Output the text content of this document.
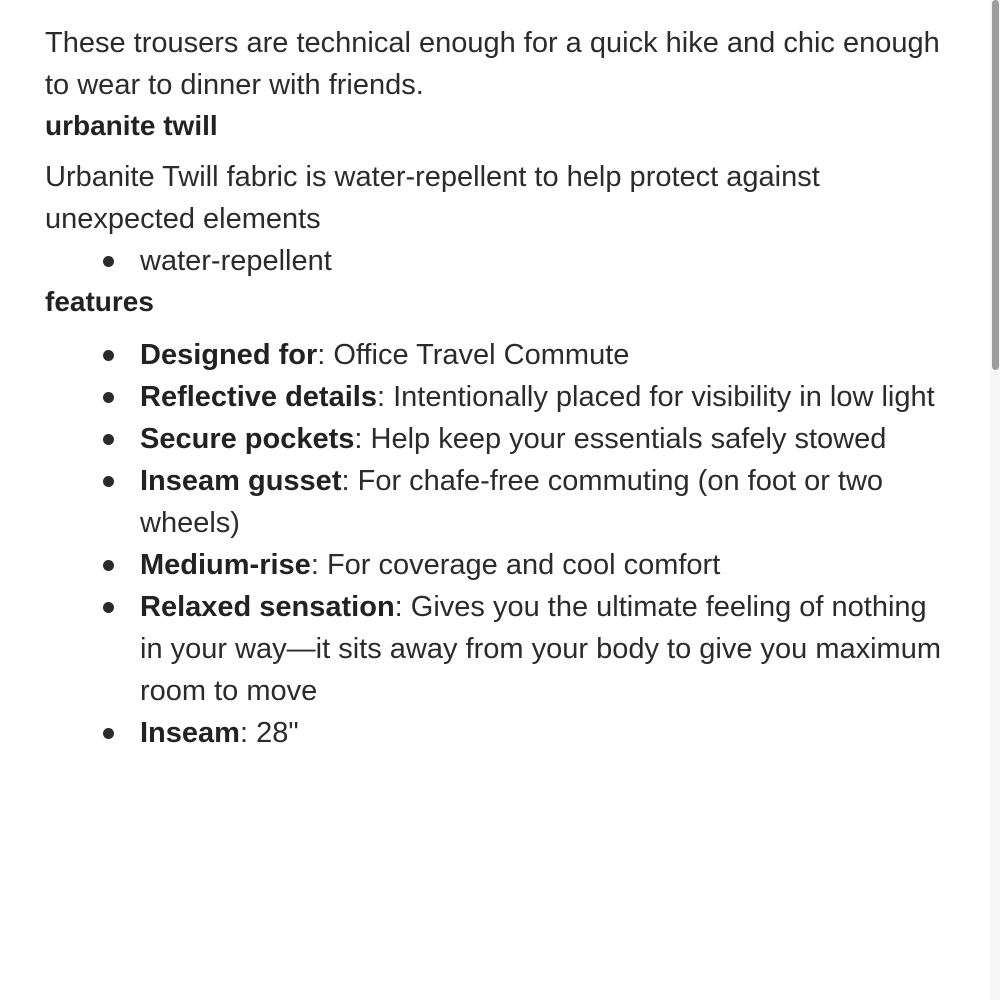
These trousers are technical enough for a quick hike and chic enough to wear to dinner with friends.

urbanite twill

Urbanite Twill fabric is water-repellent to help protect against unexpected elements

water-repellent
features
Designed for: Office Travel Commute
Reflective details: Intentionally placed for visibility in low light
Secure pockets: Help keep your essentials safely stowed
Inseam gusset: For chafe-free commuting (on foot or two wheels)
Medium-rise: For coverage and cool comfort
Relaxed sensation: Gives you the ultimate feeling of nothing in your way—it sits away from your body to give you maximum room to move
Inseam: 28"
